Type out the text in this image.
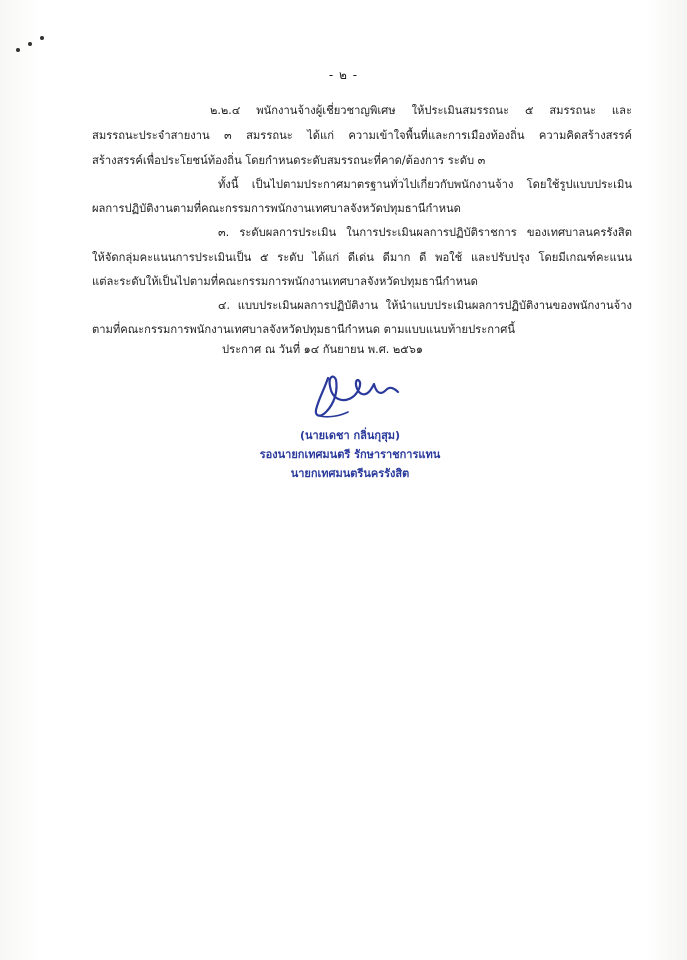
- ๒ -
๒.๒.๔ พนักงานจ้างผู้เชี่ยวชาญพิเศษ ให้ประเมินสมรรถนะ ๕ สมรรถนะ และ
สมรรถนะประจำสายงาน ๓ สมรรถนะ ได้แก่ ความเข้าใจพื้นที่และการเมืองท้องถิ่น ความคิดสร้างสรรค์
สร้างสรรค์เพื่อประโยชน์ท้องถิ่น โดยกำหนดระดับสมรรถนะที่คาด/ต้องการ ระดับ ๓
ทั้งนี้ เป็นไปตามประกาศมาตรฐานทั่วไปเกี่ยวกับพนักงานจ้าง โดยใช้รูปแบบประเมิน
ผลการปฏิบัติงานตามที่คณะกรรมการพนักงานเทศบาลจังหวัดปทุมธานีกำหนด
๓. ระดับผลการประเมิน ในการประเมินผลการปฏิบัติราชการ ของเทศบาลนครรังสิต
ให้จัดกลุ่มคะแนนการประเมินเป็น ๕ ระดับ ได้แก่ ดีเด่น ดีมาก ดี พอใช้ และปรับปรุง โดยมีเกณฑ์คะแนน
แต่ละระดับให้เป็นไปตามที่คณะกรรมการพนักงานเทศบาลจังหวัดปทุมธานีกำหนด
๔. แบบประเมินผลการปฏิบัติงาน ให้นำแบบประเมินผลการปฏิบัติงานของพนักงานจ้าง
ตามที่คณะกรรมการพนักงานเทศบาลจังหวัดปทุมธานีกำหนด ตามแบบแนบท้ายประกาศนี้
ประกาศ ณ วันที่ ๑๔ กันยายน พ.ศ. ๒๕๖๑
(นายเดชา กลิ่นกุสุม)
รองนายกเทศมนตรี รักษาราชการแทน
นายกเทศมนตรีนครรังสิต
